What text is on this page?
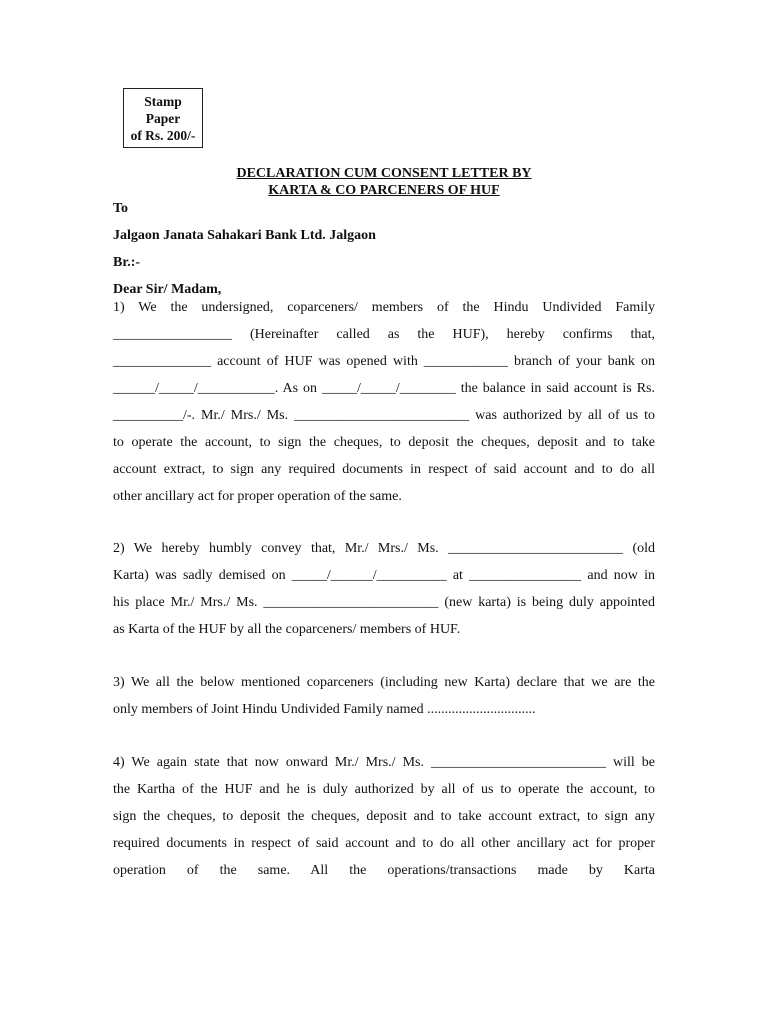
Stamp
Paper
of Rs. 200/-
DECLARATION CUM CONSENT LETTER BY
KARTA & CO PARCENERS OF HUF
To
Jalgaon Janata Sahakari Bank Ltd. Jalgaon
Br.:-
Dear Sir/ Madam,
1) We the undersigned, coparceners/ members of the Hindu Undivided Family
_________________ (Hereinafter called as the HUF), hereby confirms that,
______________ account of HUF was opened with ____________ branch of your bank on
______/_____/___________. As on _____/_____/________ the balance in said account is Rs.
__________/-. Mr./ Mrs./ Ms. _________________________ was authorized by all of us to
to operate the account, to sign the cheques, to deposit the cheques, deposit and to take
account extract, to sign any required documents in respect of said account and to do all
other ancillary act for proper operation of the same.
2) We hereby humbly convey that, Mr./ Mrs./ Ms. _________________________ (old
Karta) was sadly demised on _____/______/__________ at ________________ and now in
his place Mr./ Mrs./ Ms. _________________________ (new karta) is being duly appointed
as Karta of the HUF by all the coparceners/ members of HUF.
3) We all the below mentioned coparceners (including new Karta) declare that we are the
only members of Joint Hindu Undivided Family named ...............................
4) We again state that now onward Mr./ Mrs./ Ms. _________________________ will be
the Kartha of the HUF and he is duly authorized by all of us to operate the account, to
sign the cheques, to deposit the cheques, deposit and to take account extract, to sign any
required documents in respect of said account and to do all other ancillary act for proper
operation of the same. All the operations/transactions made by Karta
